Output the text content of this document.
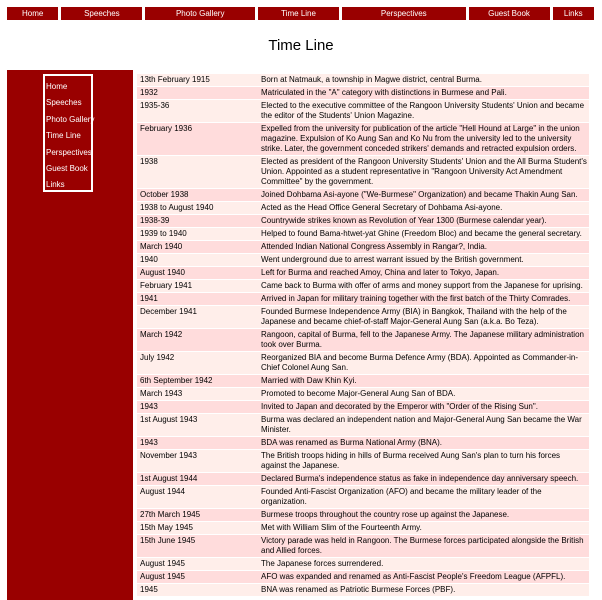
Home	Speeches	Photo Gallery	Time Line	Perspectives	Guest Book	Links
Time Line
Home
Speeches
Photo Gallery
Time Line
Perspectives
Guest Book
Links
13th February 1915	Born at Natmauk, a township in Magwe district, central Burma.
1932	Matriculated in the "A" category with distinctions in Burmese and Pali.
1935-36	Elected to the executive committee of the Rangoon University Students' Union and became the editor of the Students' Union Magazine.
February 1936	Expelled from the university for publication of the article "Hell Hound at Large" in the union magazine. Expulsion of Ko Aung San and Ko Nu from the university led to the university strike. Later, the government conceded strikers' demands and retracted expulsion orders.
1938	Elected as president of the Rangoon University Students' Union and the All Burma Student's Union. Appointed as a student representative in "Rangoon University Act Amendment Committee" by the government.
October 1938	Joined Dohbama Asi-ayone ("We-Burmese" Organization) and became Thakin Aung San.
1938 to August 1940	Acted as the Head Office General Secretary of Dohbama Asi-ayone.
1938-39	Countrywide strikes known as Revolution of Year 1300 (Burmese calendar year).
1939 to 1940	Helped to found Bama-htwet-yat Ghine (Freedom Bloc) and became the general secretary.
March 1940	Attended Indian National Congress Assembly in Rangar?, India.
1940	Went underground due to arrest warrant issued by the British government.
August 1940	Left for Burma and reached Amoy, China and later to Tokyo, Japan.
February 1941	Came back to Burma with offer of arms and money support from the Japanese for uprising.
1941	Arrived in Japan for military training together with the first batch of the Thirty Comrades.
December 1941	Founded Burmese Independence Army (BIA) in Bangkok, Thailand with the help of the Japanese and became chief-of-staff Major-General Aung San (a.k.a. Bo Teza).
March 1942	Rangoon, capital of Burma, fell to the Japanese Army. The Japanese military administration took over Burma.
July 1942	Reorganized BIA and become Burma Defence Army (BDA). Appointed as Commander-in-Chief Colonel Aung San.
6th September 1942	Married with Daw Khin Kyi.
March 1943	Promoted to become Major-General Aung San of BDA.
1943	Invited to Japan and decorated by the Emperor with "Order of the Rising Sun".
1st August 1943	Burma was declared an independent nation and Major-General Aung San became the War Minister.
1943	BDA was renamed as Burma National Army (BNA).
November 1943	The British troops hiding in hills of Burma received Aung San's plan to turn his forces against the Japanese.
1st August 1944	Declared Burma's independence status as fake in independence day anniversary speech.
August 1944	Founded Anti-Fascist Organization (AFO) and became the military leader of the organization.
27th March 1945	Burmese troops throughout the country rose up against the Japanese.
15th May 1945	Met with William Slim of the Fourteenth Army.
15th June 1945	Victory parade was held in Rangoon. The Burmese forces participated alongside the British and Allied forces.
August 1945	The Japanese forces surrendered.
August 1945	AFO was expanded and renamed as Anti-Fascist People's Freedom League (AFPFL).
1945	BNA was renamed as Patriotic Burmese Forces (PBF).
